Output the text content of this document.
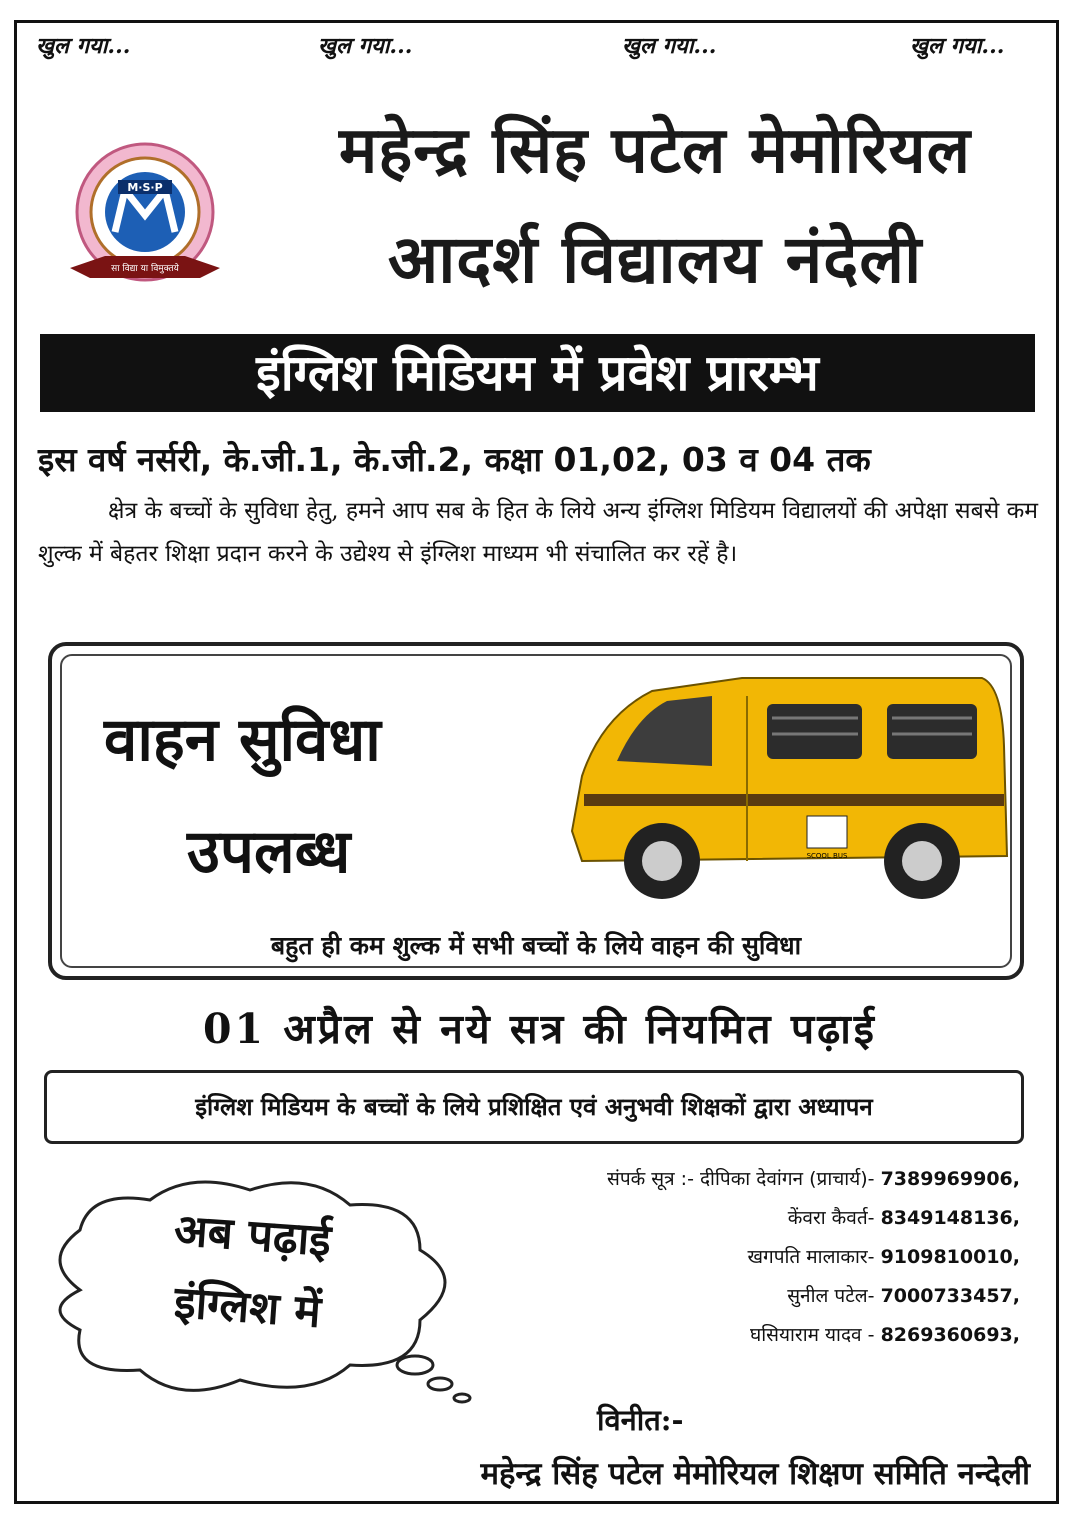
खुल गया...	खुल गया...	खुल गया...	खुल गया...
M·S·P
सा विद्या या विमुक्तये
महेन्द्र सिंह पटेल मेमोरियल
आदर्श विद्यालय नंदेली
इंग्लिश मिडियम में प्रवेश प्रारम्भ
इस वर्ष नर्सरी, के.जी.1, के.जी.2, कक्षा 01,02, 03 व 04 तक

क्षेत्र के बच्चों के सुविधा हेतु, हमने आप सब के हित के लिये अन्य इंग्लिश मिडियम विद्यालयों की अपेक्षा सबसे कम शुल्क में बेहतर शिक्षा प्रदान करने के उद्येश्य से इंग्लिश माध्यम भी संचालित कर रहें है।

वाहन सुविधा
उपलब्ध	SCOOL BUS
बहुत ही कम शुल्क में सभी बच्चों के लिये वाहन की सुविधा
01 अप्रैल से नये सत्र की नियमित पढ़ाई
इंग्लिश मिडियम के बच्चों के लिये प्रशिक्षित एवं अनुभवी शिक्षकों द्वारा अध्यापन
अब पढ़ाई
इंग्लिश में
संपर्क सूत्र :- दीपिका देवांगन (प्राचार्य)- 7389969906,
केंवरा कैवर्त- 8349148136,
खगपति मालाकार- 9109810010,
सुनील पटेल- 7000733457,
घसियाराम यादव - 8269360693,
विनीत:-
महेन्द्र सिंह पटेल मेमोरियल शिक्षण समिति नन्देली
